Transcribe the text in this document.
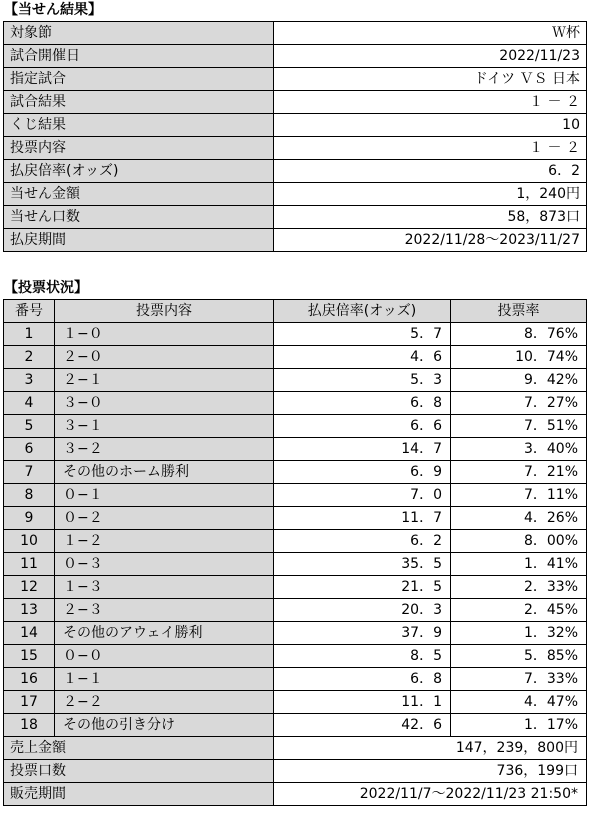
【当せん結果】
対象節	Ｗ杯
試合開催日	2022/11/23
指定試合	ドイツ ＶＳ 日本
試合結果	１ － ２
くじ結果	10
投票内容	１ － ２
払戻倍率(オッズ)	6．2
当せん金額	1，240円
当せん口数	58，873口
払戻期間	2022/11/28～2023/11/27
【投票状況】
番号	投票内容	払戻倍率(オッズ)	投票率
1	１−０	5．7	8．76%
2	２−０	4．6	10．74%
3	２−１	5．3	9．42%
4	３−０	6．8	7．27%
5	３−１	6．6	7．51%
6	３−２	14．7	3．40%
7	その他のホーム勝利	6．9	7．21%
8	０−１	7．0	7．11%
9	０−２	11．7	4．26%
10	１−２	6．2	8．00%
11	０−３	35．5	1．41%
12	１−３	21．5	2．33%
13	２−３	20．3	2．45%
14	その他のアウェイ勝利	37．9	1．32%
15	０−０	8．5	5．85%
16	１−１	6．8	7．33%
17	２−２	11．1	4．47%
18	その他の引き分け	42．6	1．17%
売上金額		147，239，800円	
投票口数		736，199口	
販売期間		2022/11/7～2022/11/23 21:50*	
